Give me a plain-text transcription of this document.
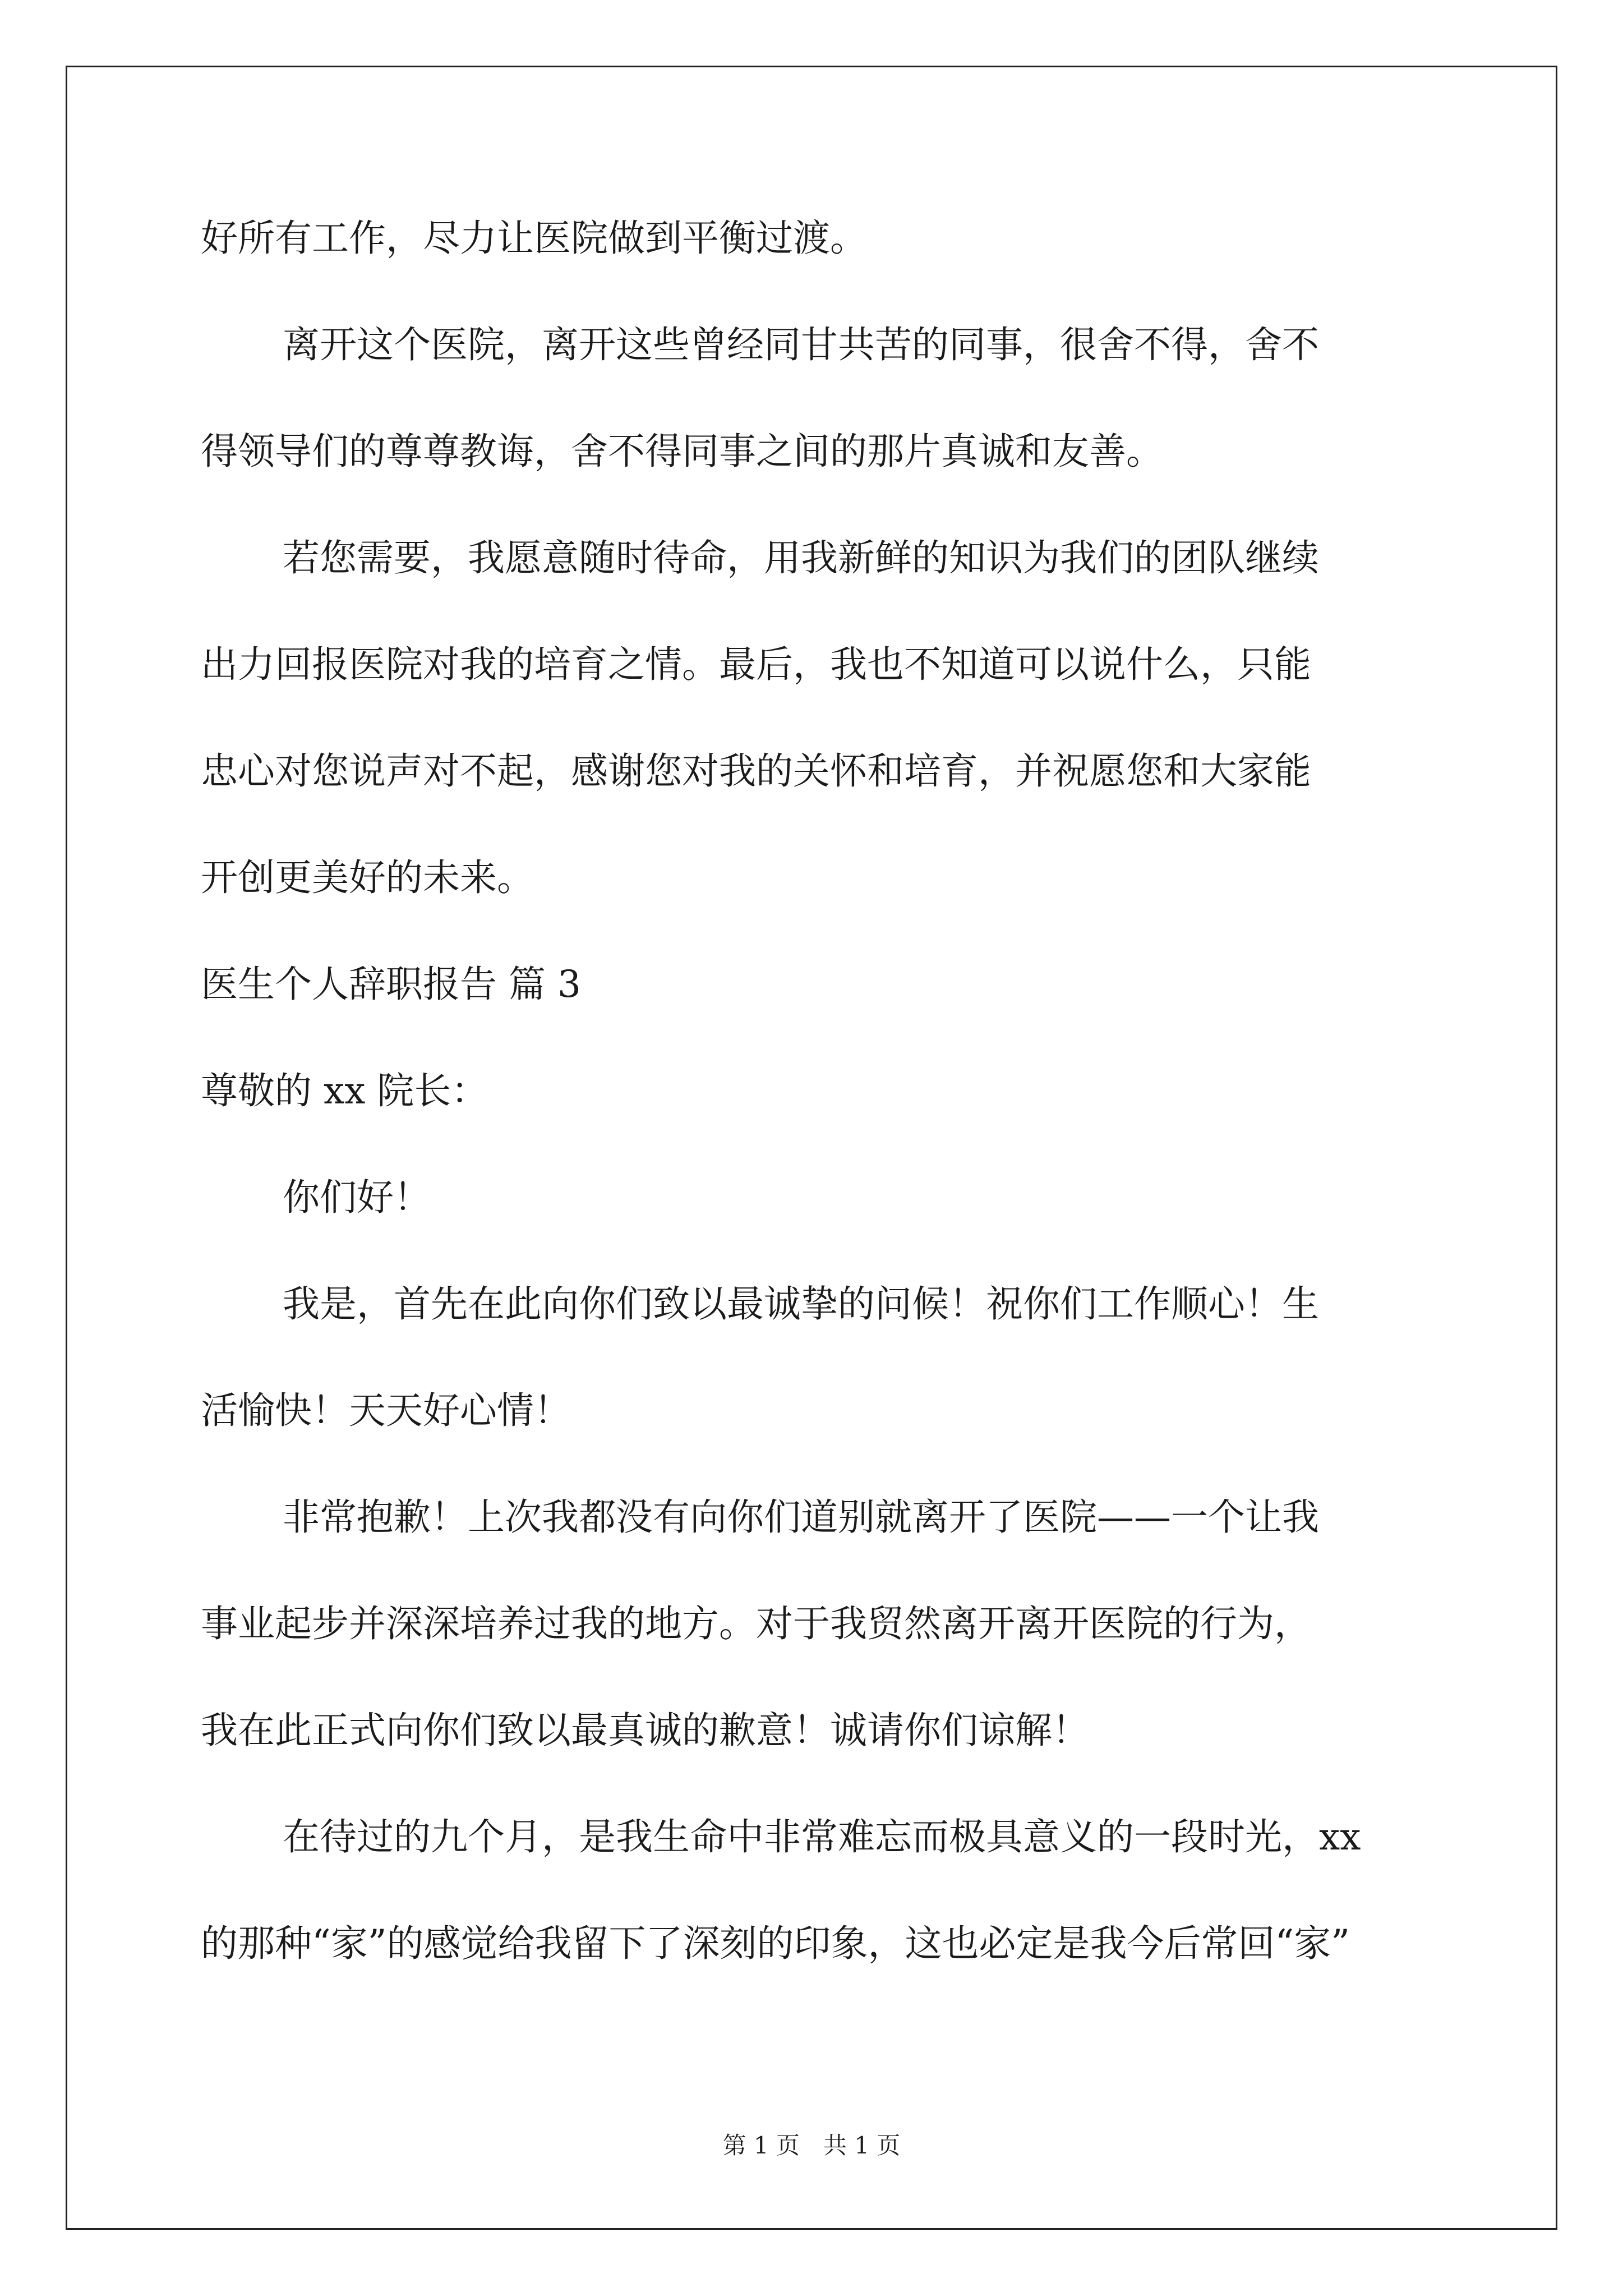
好所有工作，尽力让医院做到平衡过渡。
离开这个医院，离开这些曾经同甘共苦的同事，很舍不得，舍不
得领导们的尊尊教诲，舍不得同事之间的那片真诚和友善。
若您需要，我愿意随时待命，用我新鲜的知识为我们的团队继续
出力回报医院对我的培育之情。最后，我也不知道可以说什么，只能
忠心对您说声对不起，感谢您对我的关怀和培育，并祝愿您和大家能
开创更美好的未来。
医生个人辞职报告 篇 3
尊敬的 xx 院长：
你们好！
我是，首先在此向你们致以最诚挚的问候！祝你们工作顺心！生
活愉快！天天好心情！
非常抱歉！上次我都没有向你们道别就离开了医院——一个让我
事业起步并深深培养过我的地方。对于我贸然离开离开医院的行为，
我在此正式向你们致以最真诚的歉意！诚请你们谅解！
在待过的九个月，是我生命中非常难忘而极具意义的一段时光，xx
的那种“家”的感觉给我留下了深刻的印象，这也必定是我今后常回“家”
第 1 页　共 1 页
